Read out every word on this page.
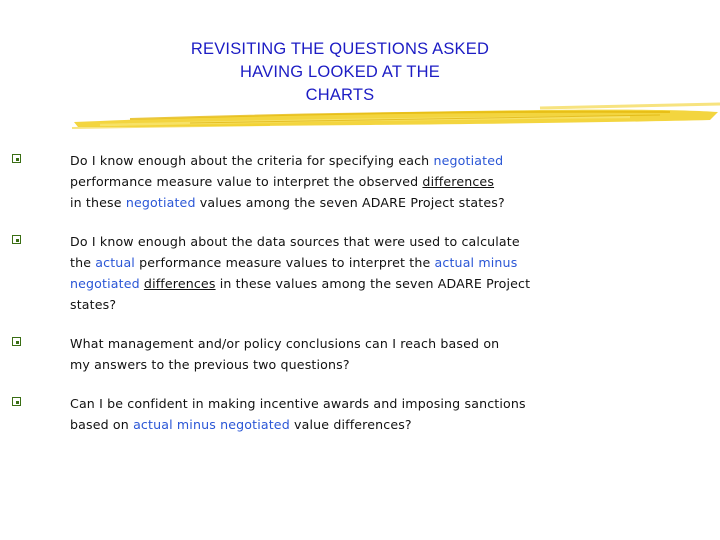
REVISITING THE QUESTIONS ASKED
HAVING LOOKED AT THE
CHARTS
Do I know enough about the criteria for specifying each negotiated
performance measure value to interpret the observed differences
in these negotiated values among the seven ADARE Project states?
Do I know enough about the data sources that were used to calculate
the actual performance measure values to interpret the actual minus
negotiated differences in these values among the seven ADARE Project
states?
What management and/or policy conclusions can I reach based on
my answers to the previous two questions?
Can I be confident in making incentive awards and imposing sanctions
based on actual minus negotiated value differences?
